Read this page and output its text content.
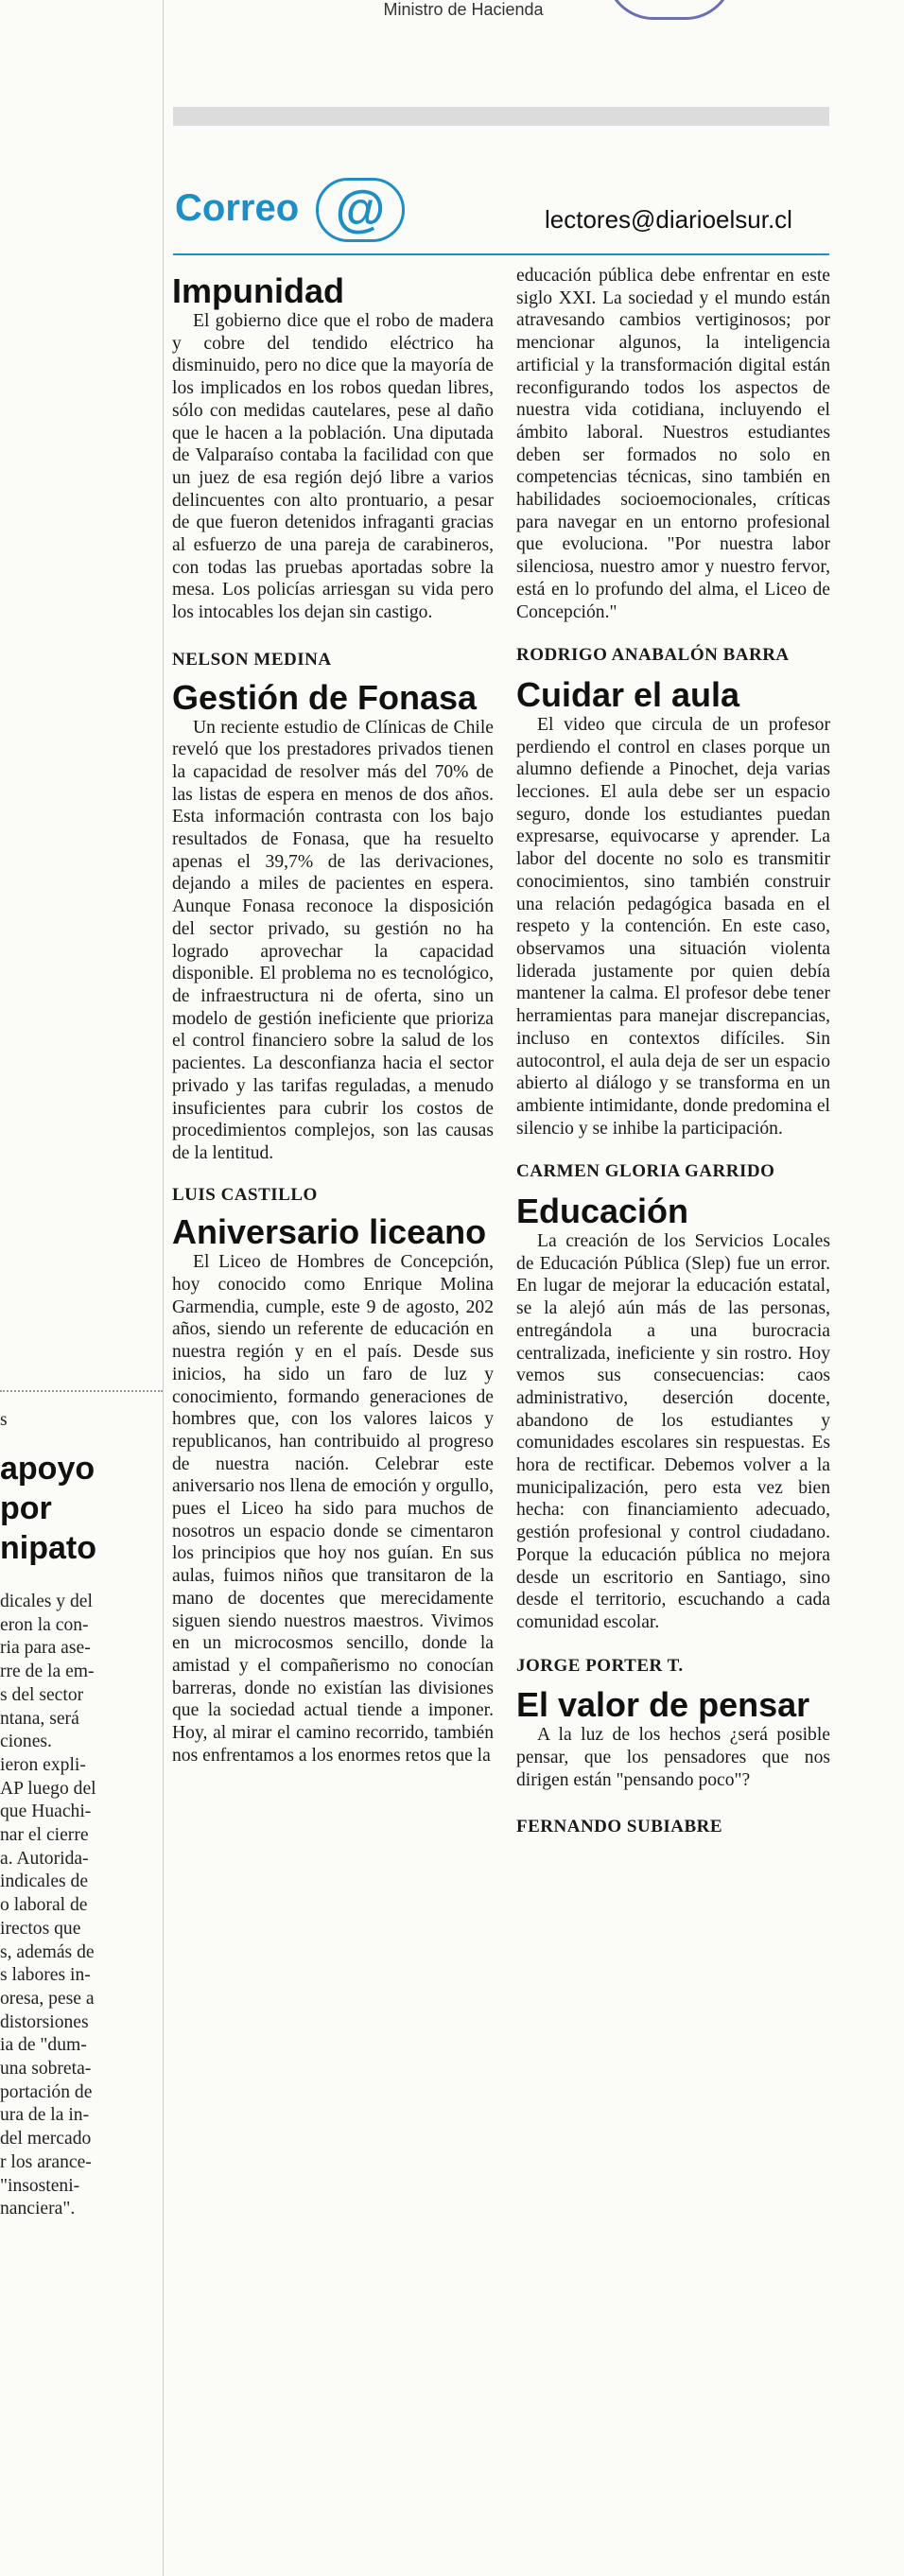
Ministro de Hacienda
Correo @	lectores@diarioelsur.cl
s
apoyo
por
nipato
dicales y del
eron la con-
ria para ase-
rre de la em-
s del sector
ntana, será
ciones.
ieron expli-
AP luego del
que Huachi-
nar el cierre
a. Autorida-
indicales de
o laboral de
irectos que
s, además de
s labores in-
oresa, pese a
distorsiones
ia de "dum-
una sobreta-
portación de
ura de la in-
del mercado
r los arance-
"insosteni-
nanciera".
Impunidad

El gobierno dice que el robo de madera y cobre del tendido eléctrico ha disminuido, pero no dice que la mayoría de los implicados en los robos quedan libres, sólo con medidas cautelares, pese al daño que le hacen a la población. Una diputada de Valparaíso contaba la facilidad con que un juez de esa región dejó libre a varios delincuentes con alto prontuario, a pesar de que fueron detenidos infraganti gracias al esfuerzo de una pareja de carabineros, con todas las pruebas aportadas sobre la mesa. Los policías arriesgan su vida pero los intocables los dejan sin castigo.

NELSON MEDINA
Gestión de Fonasa

Un reciente estudio de Clínicas de Chile reveló que los prestadores privados tienen la capacidad de resolver más del 70% de las listas de espera en menos de dos años. Esta información contrasta con los bajo resultados de Fonasa, que ha resuelto apenas el 39,7% de las derivaciones, dejando a miles de pacientes en espera. Aunque Fonasa reconoce la disposición del sector privado, su gestión no ha logrado aprovechar la capacidad disponible. El problema no es tecnológico, de infraestructura ni de oferta, sino un modelo de gestión ineficiente que prioriza el control financiero sobre la salud de los pacientes. La desconfianza hacia el sector privado y las tarifas reguladas, a menudo insuficientes para cubrir los costos de procedimientos complejos, son las causas de la lentitud.

LUIS CASTILLO
Aniversario liceano

El Liceo de Hombres de Concepción, hoy conocido como Enrique Molina Garmendia, cumple, este 9 de agosto, 202 años, siendo un referente de educación en nuestra región y en el país. Desde sus inicios, ha sido un faro de luz y conocimiento, formando generaciones de hombres que, con los valores laicos y republicanos, han contribuido al progreso de nuestra nación. Celebrar este aniversario nos llena de emoción y orgullo, pues el Liceo ha sido para muchos de nosotros un espacio donde se cimentaron los principios que hoy nos guían. En sus aulas, fuimos niños que transitaron de la mano de docentes que merecidamente siguen siendo nuestros maestros. Vivimos en un microcosmos sencillo, donde la amistad y el compañerismo no conocían barreras, donde no existían las divisiones que la sociedad actual tiende a imponer. Hoy, al mirar el camino recorrido, también nos enfrentamos a los enormes retos que la

educación pública debe enfrentar en este siglo XXI. La sociedad y el mundo están atravesando cambios vertiginosos; por mencionar algunos, la inteligencia artificial y la transformación digital están reconfigurando todos los aspectos de nuestra vida cotidiana, incluyendo el ámbito laboral. Nuestros estudiantes deben ser formados no solo en competencias técnicas, sino también en habilidades socioemocionales, críticas para navegar en un entorno profesional que evoluciona. "Por nuestra labor silenciosa, nuestro amor y nuestro fervor, está en lo profundo del alma, el Liceo de Concepción."

RODRIGO ANABALÓN BARRA
Cuidar el aula

El video que circula de un profesor perdiendo el control en clases porque un alumno defiende a Pinochet, deja varias lecciones. El aula debe ser un espacio seguro, donde los estudiantes puedan expresarse, equivocarse y aprender. La labor del docente no solo es transmitir conocimientos, sino también construir una relación pedagógica basada en el respeto y la contención. En este caso, observamos una situación violenta liderada justamente por quien debía mantener la calma. El profesor debe tener herramientas para manejar discrepancias, incluso en contextos difíciles. Sin autocontrol, el aula deja de ser un espacio abierto al diálogo y se transforma en un ambiente intimidante, donde predomina el silencio y se inhibe la participación.

CARMEN GLORIA GARRIDO
Educación

La creación de los Servicios Locales de Educación Pública (Slep) fue un error. En lugar de mejorar la educación estatal, se la alejó aún más de las personas, entregándola a una burocracia centralizada, ineficiente y sin rostro. Hoy vemos sus consecuencias: caos administrativo, deserción docente, abandono de los estudiantes y comunidades escolares sin respuestas. Es hora de rectificar. Debemos volver a la municipalización, pero esta vez bien hecha: con financiamiento adecuado, gestión profesional y control ciudadano. Porque la educación pública no mejora desde un escritorio en Santiago, sino desde el territorio, escuchando a cada comunidad escolar.

JORGE PORTER T.
El valor de pensar

A la luz de los hechos ¿será posible pensar, que los pensadores que nos dirigen están "pensando poco"?

FERNANDO SUBIABRE
